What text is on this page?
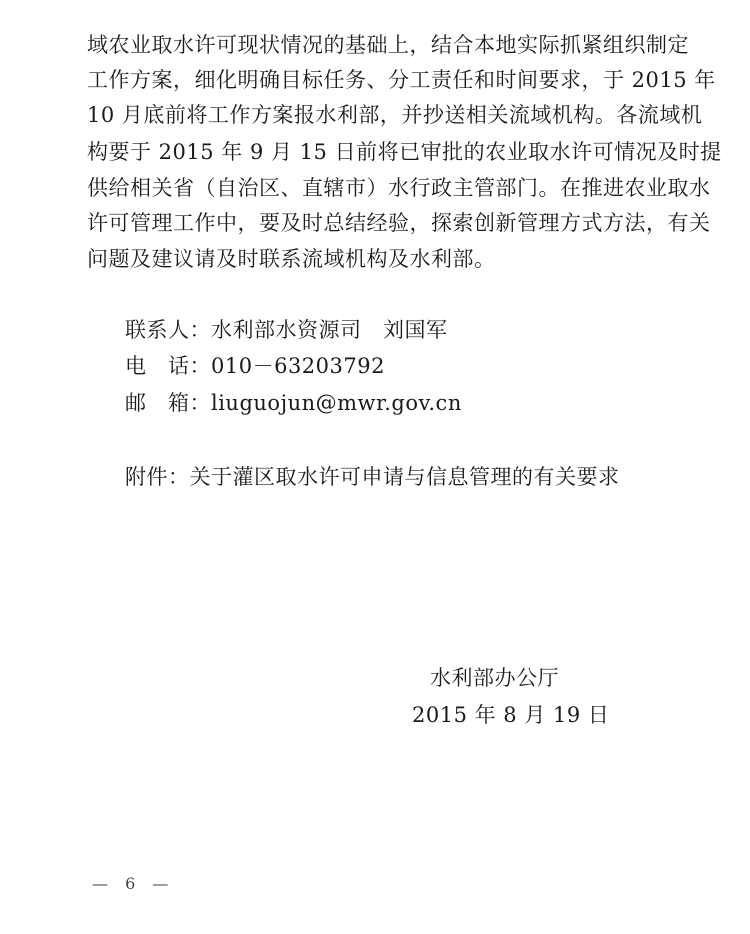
域农业取水许可现状情况的基础上，结合本地实际抓紧组织制定
工作方案，细化明确目标任务、分工责任和时间要求，于 2015 年
10 月底前将工作方案报水利部，并抄送相关流域机构。各流域机
构要于 2015 年 9 月 15 日前将已审批的农业取水许可情况及时提
供给相关省（自治区、直辖市）水行政主管部门。在推进农业取水
许可管理工作中，要及时总结经验，探索创新管理方式方法，有关
问题及建议请及时联系流域机构及水利部。
联系人：水利部水资源司　刘国军
电　话：010－63203792
邮　箱：liuguojun@mwr.gov.cn
附件：关于灌区取水许可申请与信息管理的有关要求
水利部办公厅
2015 年 8 月 19 日
— 6 —
